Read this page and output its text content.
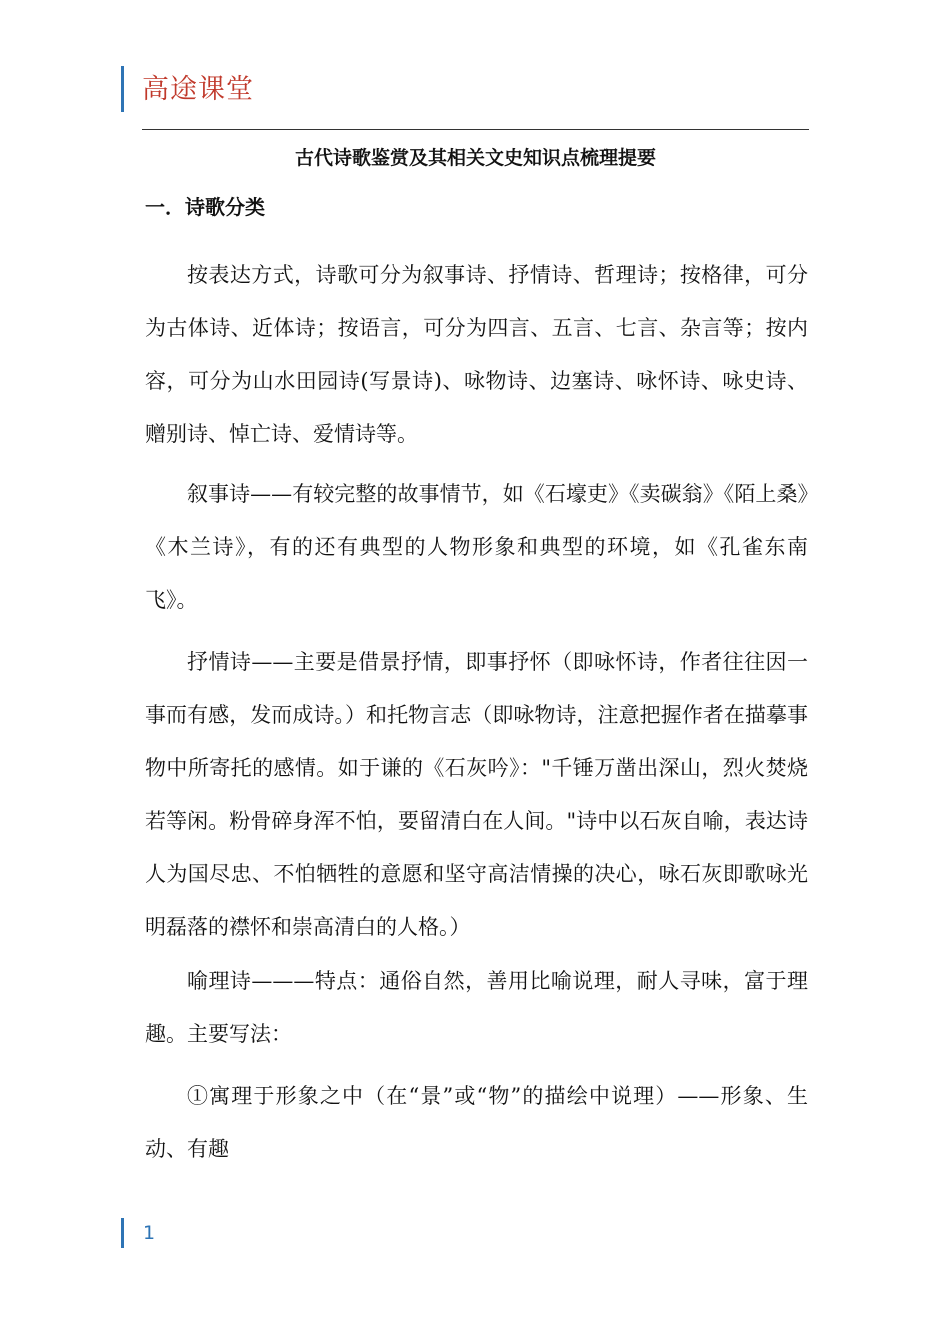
高途课堂
古代诗歌鉴赏及其相关文史知识点梳理提要
一．诗歌分类

按表达方式，诗歌可分为叙事诗、抒情诗、哲理诗；按格律，可分为古体诗、近体诗；按语言，可分为四言、五言、七言、杂言等；按内容，可分为山水田园诗(写景诗)、咏物诗、边塞诗、咏怀诗、咏史诗、赠别诗、悼亡诗、爱情诗等。

叙事诗——有较完整的故事情节，如《石壕吏》《卖碳翁》《陌上桑》《木兰诗》，有的还有典型的人物形象和典型的环境，如《孔雀东南飞》。

抒情诗——主要是借景抒情，即事抒怀（即咏怀诗，作者往往因一事而有感，发而成诗。）和托物言志（即咏物诗，注意把握作者在描摹事物中所寄托的感情。如于谦的《石灰吟》："千锤万凿出深山，烈火焚烧若等闲。粉骨碎身浑不怕，要留清白在人间。"诗中以石灰自喻，表达诗人为国尽忠、不怕牺牲的意愿和坚守高洁情操的决心，咏石灰即歌咏光明磊落的襟怀和崇高清白的人格。）

喻理诗———特点：通俗自然，善用比喻说理，耐人寻味，富于理趣。主要写法：

①寓理于形象之中（在“景”或“物”的描绘中说理）——形象、生动、有趣

1
